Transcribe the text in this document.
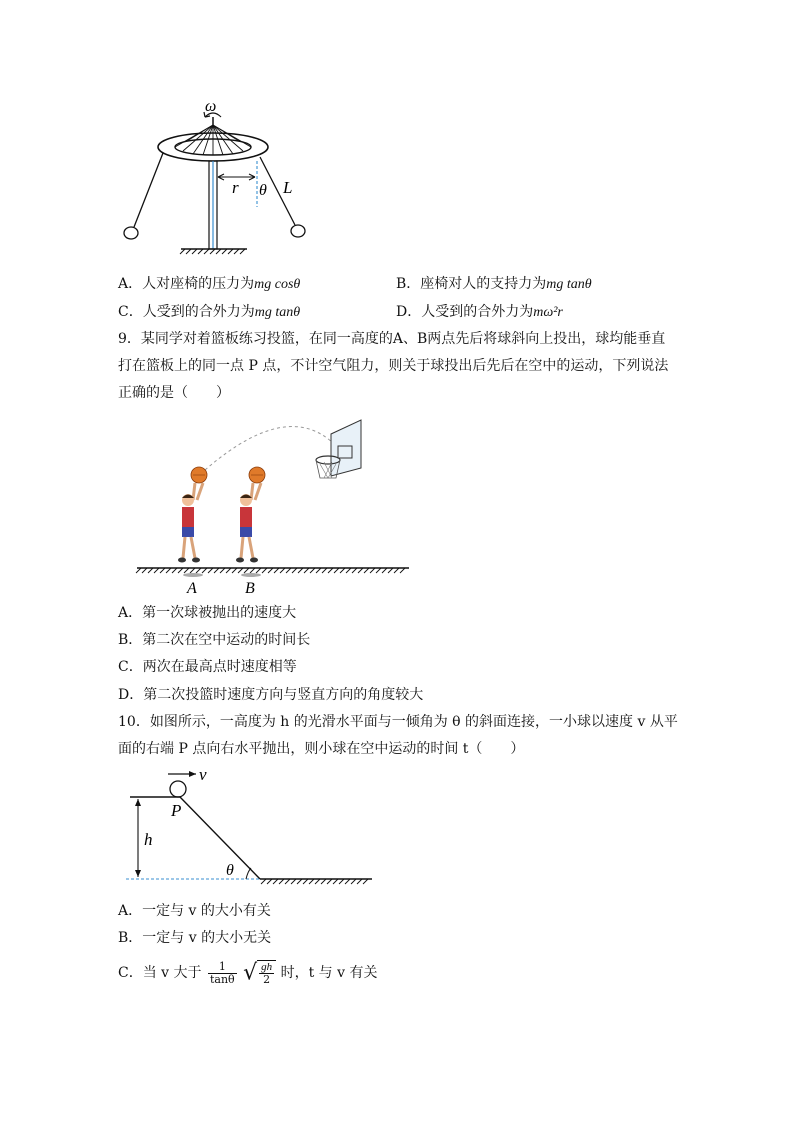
ω
r θ L
A．人对座椅的压力为mg cosθ	B．座椅对人的支持力为mg tanθ
C．人受到的合外力为mg tanθ	D．人受到的合外力为mω²r
9．某同学对着篮板练习投篮，在同一高度的A、B两点先后将球斜向上投出，球均能垂直
打在篮板上的同一点 P 点，不计空气阻力，则关于球投出后先后在空中的运动，下列说法
正确的是（　　）
A	B
A．第一次球被抛出的速度大
B．第二次在空中运动的时间长
C．两次在最高点时速度相等
D．第二次投篮时速度方向与竖直方向的角度较大
10．如图所示，一高度为 h 的光滑水平面与一倾角为 θ 的斜面连接，一小球以速度 v 从平
面的右端 P 点向右水平抛出，则小球在空中运动的时间 t（　　）
v
P
h
θ
A．一定与 v 的大小有关
B．一定与 v 的大小无关
C．当 v 大于 $\frac{1}{\tan\theta}$ √ $\frac{gh}{2}$ 时，t 与 v 有关
